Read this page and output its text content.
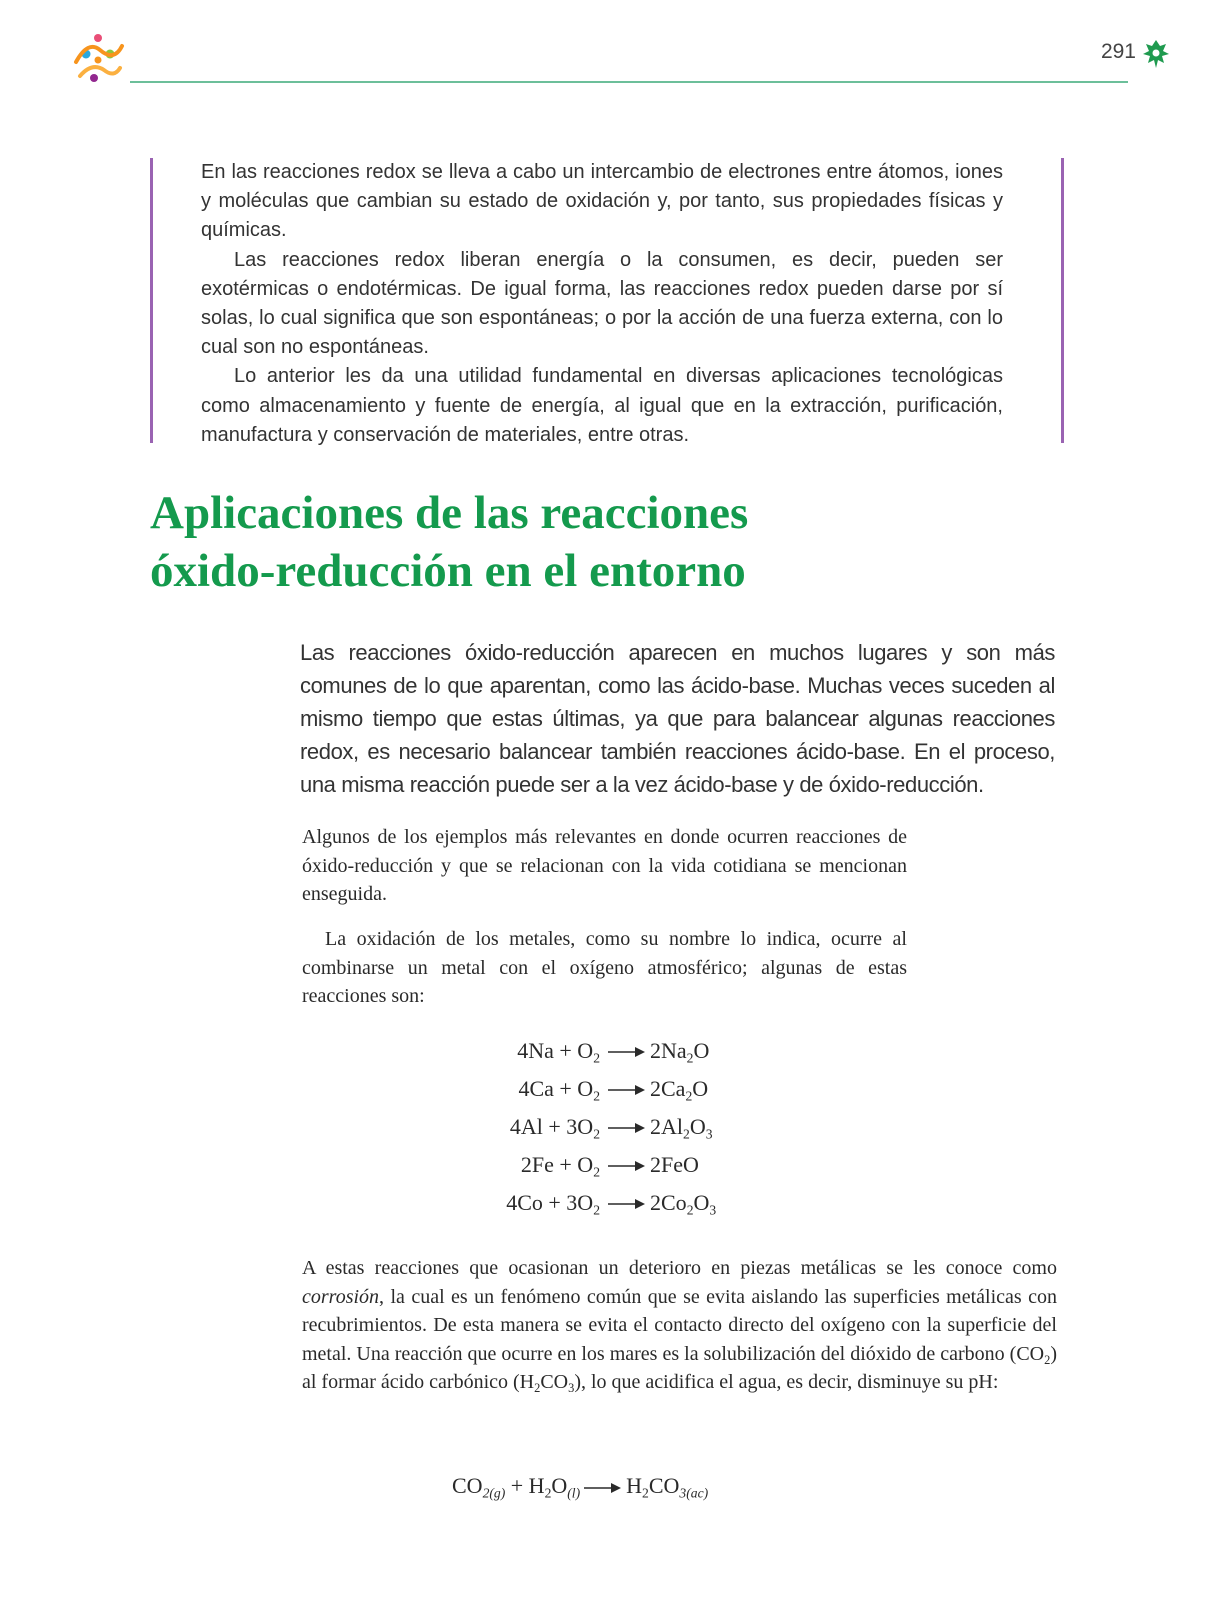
291

En las reacciones redox se lleva a cabo un intercambio de electrones entre átomos, iones y moléculas que cambian su estado de oxidación y, por tanto, sus propiedades físicas y químicas.

Las reacciones redox liberan energía o la consumen, es decir, pueden ser exotérmicas o endotérmicas. De igual forma, las reacciones redox pueden darse por sí solas, lo cual significa que son espontáneas; o por la acción de una fuerza externa, con lo cual son no espontáneas.

Lo anterior les da una utilidad fundamental en diversas aplicaciones tecnológicas como almacenamiento y fuente de energía, al igual que en la extracción, purificación, manufactura y conservación de materiales, entre otras.

Aplicaciones de las reacciones
óxido-reducción en el entorno

Las reacciones óxido-reducción aparecen en muchos lugares y son más comunes de lo que aparentan, como las ácido-base. Muchas veces suceden al mismo tiempo que estas últimas, ya que para balancear algunas reacciones redox, es necesario balancear también reacciones ácido-base. En el proceso, una misma reacción puede ser a la vez ácido-base y de óxido-reducción.

Algunos de los ejemplos más relevantes en donde ocurren reacciones de óxido-reducción y que se relacionan con la vida cotidiana se mencionan enseguida.

La oxidación de los metales, como su nombre lo indica, ocurre al combinarse un metal con el oxígeno atmosférico; algunas de estas reacciones son:

$4Na + O_2$ $2Na_2O$
$4Ca + O_2$ $2Ca_2O$
$4Al + 3O_2$ $2Al_2O_3$
$2Fe + O_2$ 2FeO
$4Co + 3O_2$ $2Co_2O_3$

A estas reacciones que ocasionan un deterioro en piezas metálicas se les conoce como corrosión, la cual es un fenómeno común que se evita aislando las superficies metálicas con recubrimientos. De esta manera se evita el contacto directo del oxígeno con la superficie del metal. Una reacción que ocurre en los mares es la solubilización del dióxido de carbono $(CO_2)$ al formar ácido carbónico $(H_2CO_3)$, lo que acidifica el agua, es decir, disminuye su pH:

$CO_{2(g)} + H_2O_{(l)} \to H_2CO_{3(ac)}$
